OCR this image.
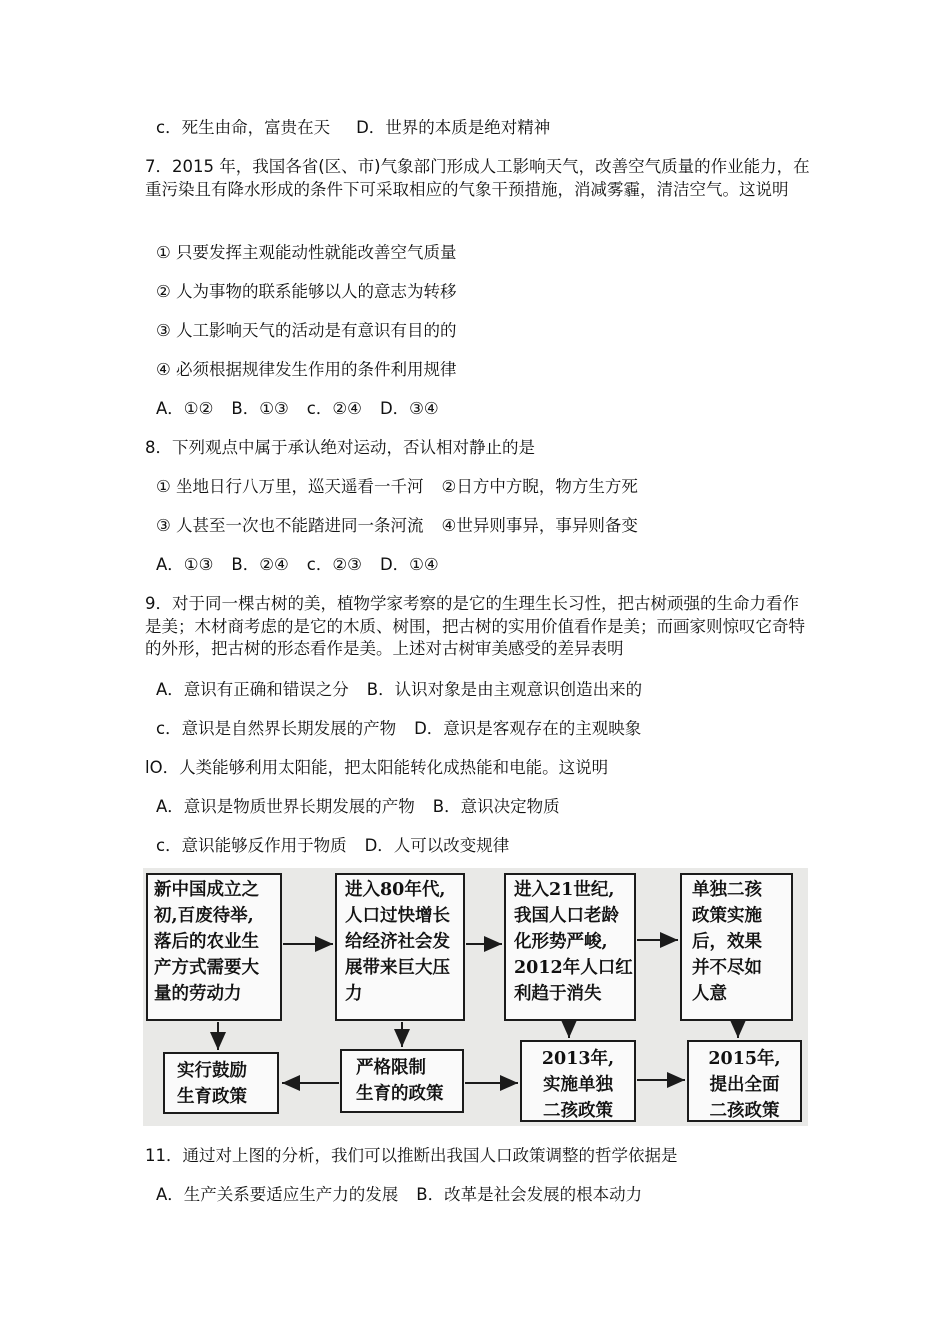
c．死生由命，富贵在天 D．世界的本质是绝对精神
7．2015 年，我国各省(区、市)气象部门形成人工影响天气，改善空气质量的作业能力，在 重污染且有降水形成的条件下可采取相应的气象干预措施，消减雾霾，清洁空气。这说明
① 只要发挥主观能动性就能改善空气质量
② 人为事物的联系能够以人的意志为转移
③ 人工影响天气的活动是有意识有目的的
④ 必须根据规律发生作用的条件利用规律
A．①② B．①③ c．②④ D．③④
8．下列观点中属于承认绝对运动，否认相对静止的是
① 坐地日行八万里，巡天遥看一千河 ②日方中方睨，物方生方死
③ 人甚至一次也不能踏进同一条河流 ④世异则事异，事异则备变
A．①③ B．②④ c．②③ D．①④
9．对于同一棵古树的美，植物学家考察的是它的生理生长习性，把古树顽强的生命力看作是美；木材商考虑的是它的木质、树围，把古树的实用价值看作是美；而画家则惊叹它奇特的外形，把古树的形态看作是美。上述对古树审美感受的差异表明
A．意识有正确和错误之分 B．认识对象是由主观意识创造出来的
c．意识是自然界长期发展的产物 D．意识是客观存在的主观映象
lO．人类能够利用太阳能，把太阳能转化成热能和电能。这说明
A．意识是物质世界长期发展的产物 B．意识决定物质
c．意识能够反作用于物质 D．人可以改变规律
新中国成立之
初,百废待举,
落后的农业生
产方式需要大
量的劳动力
进入80年代,
人口过快增长
给经济社会发
展带来巨大压
力
进入21世纪,
我国人口老龄
化形势严峻,
2012年人口红
利趋于消失
单独二孩
政策实施
后，效果
并不尽如
人意
实行鼓励
生育政策
严格限制
生育的政策
2013年,
实施单独
二孩政策
2015年,
提出全面
二孩政策
11．通过对上图的分析，我们可以推断出我国人口政策调整的哲学依据是
A．生产关系要适应生产力的发展 B．改革是社会发展的根本动力
